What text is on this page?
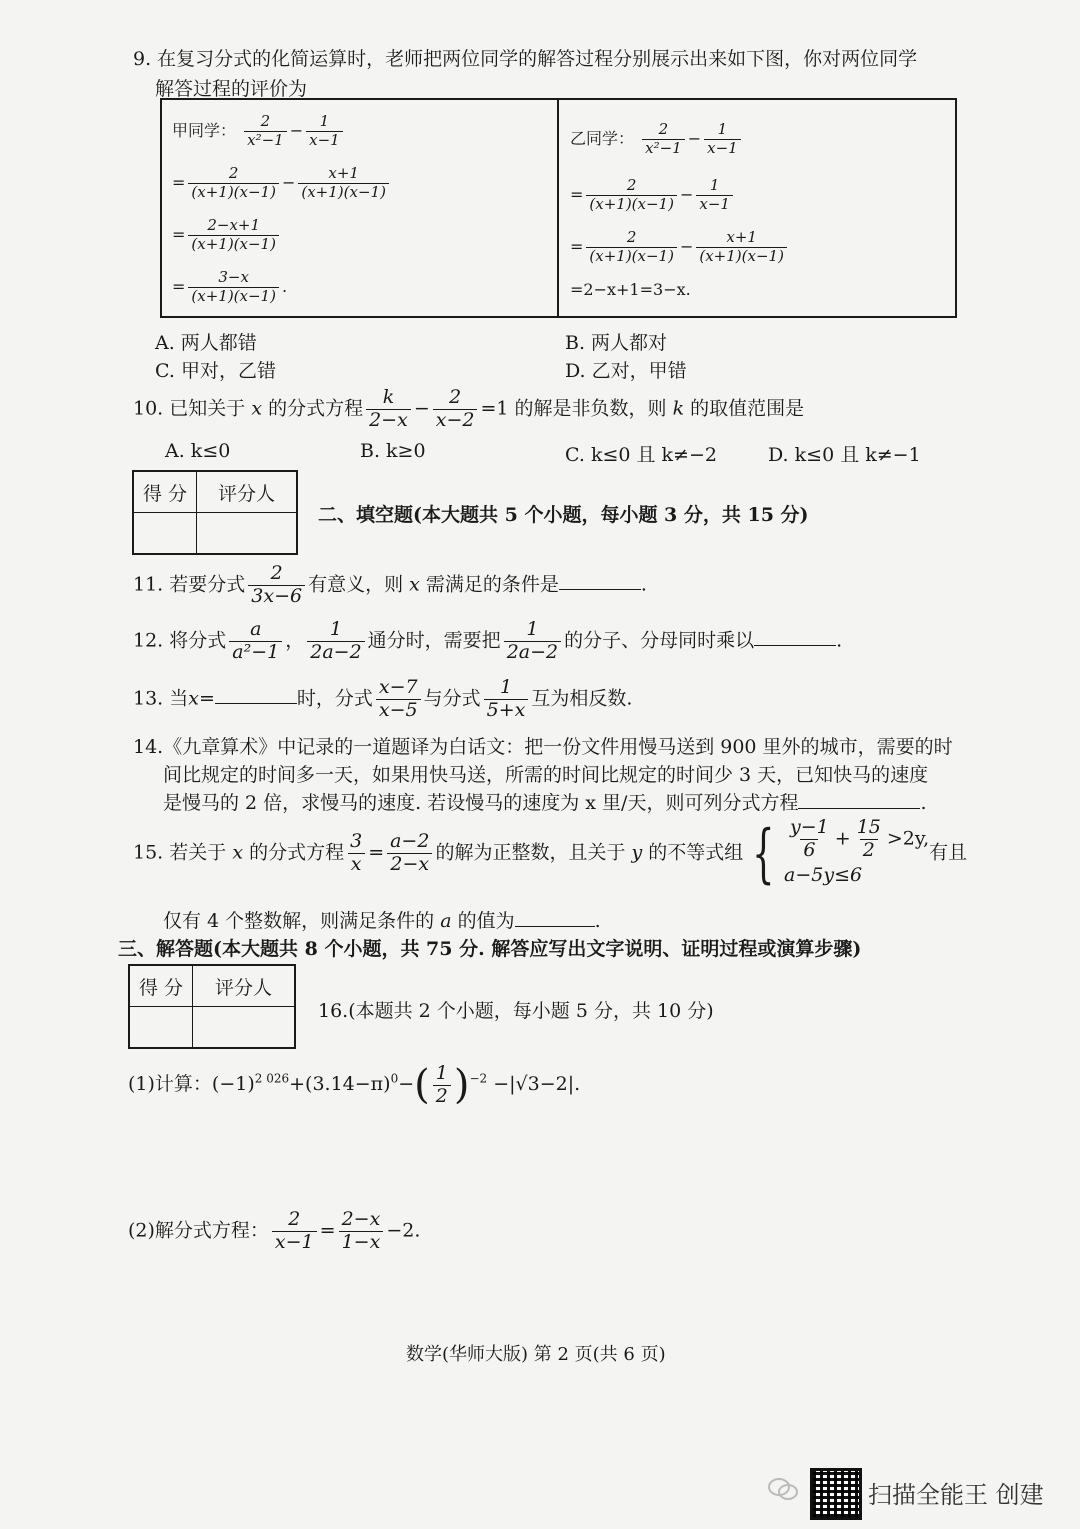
9. 在复习分式的化简运算时，老师把两位同学的解答过程分别展示出来如下图，你对两位同学
解答过程的评价为
甲同学： $\frac{2}{\text{x²−1}} - \frac{1}{x-1}$
= $\frac{2}{(x+1)(x-1)} - \frac{x+1}{(x+1)(x-1)}$
= $\frac{2-x+1}{(x+1)(x-1)}$
= $\frac{3-x}{(x+1)(x-1)}$ .
乙同学： $\frac{2}{\text{x²−1}} - \frac{1}{x-1}$
= $\frac{2}{(x+1)(x-1)} - \frac{1}{x-1}$
= $\frac{2}{(x+1)(x-1)} - \frac{x+1}{(x+1)(x-1)}$
=2−x+1=3−x.
A. 两人都错	B. 两人都对
C. 甲对，乙错	D. 乙对，甲错
10. 已知关于 x 的分式方程 $\frac{k}{2-x} - \frac{2}{x-2} =1$ 的解是非负数，则 k 的取值范围是
A. k≤0	B. k≥0	C. k≤0 且 k≠−2	D. k≤0 且 k≠−1
得 分	评分人

二、填空题(本大题共 5 个小题，每小题 3 分，共 15 分)
11. 若要分式 $\frac{2}{3x-6}$ 有意义，则 x 需满足的条件是	.
12. 将分式 $\frac{a}{\text{a²−1}}$ ， $\frac{1}{2a-2}$ 通分时，需要把 $\frac{1}{2a-2}$ 的分子、分母同时乘以	.
13. 当x=	时，分式 $\frac{x-7}{x-5}$ 与分式 $\frac{1}{5+x}$ 互为相反数.
14.《九章算术》中记录的一道题译为白话文：把一份文件用慢马送到 900 里外的城市，需要的时
间比规定的时间多一天，如果用快马送，所需的时间比规定的时间少 3 天，已知快马的速度
是慢马的 2 倍，求慢马的速度. 若设慢马的速度为 x 里/天，则可列分式方程	.
15. 若关于 x 的分式方程 $\frac{3}{x} = \frac{a-2}{2-x}$ 的解为正整数，且关于 y 的不等式组 { $\frac{y-1}{6} + \frac{15}{2} >2y$,
a−5y≤6
有且
仅有 4 个整数解，则满足条件的 a 的值为	.
三、解答题(本大题共 8 个小题，共 75 分. 解答应写出文字说明、证明过程或演算步骤)
得 分	评分人

16.(本题共 2 个小题，每小题 5 分，共 10 分)
(1)计算：$(-1)^{2 026}+(3.14-\pi)^0-( \frac{1}{2} )^{-2} -|√3-2|$.
(2)解分式方程： $\frac{2}{x-1} = \frac{2-x}{1-x} -2$.
数学(华师大版) 第 2 页(共 6 页)
扫描全能王 创建
